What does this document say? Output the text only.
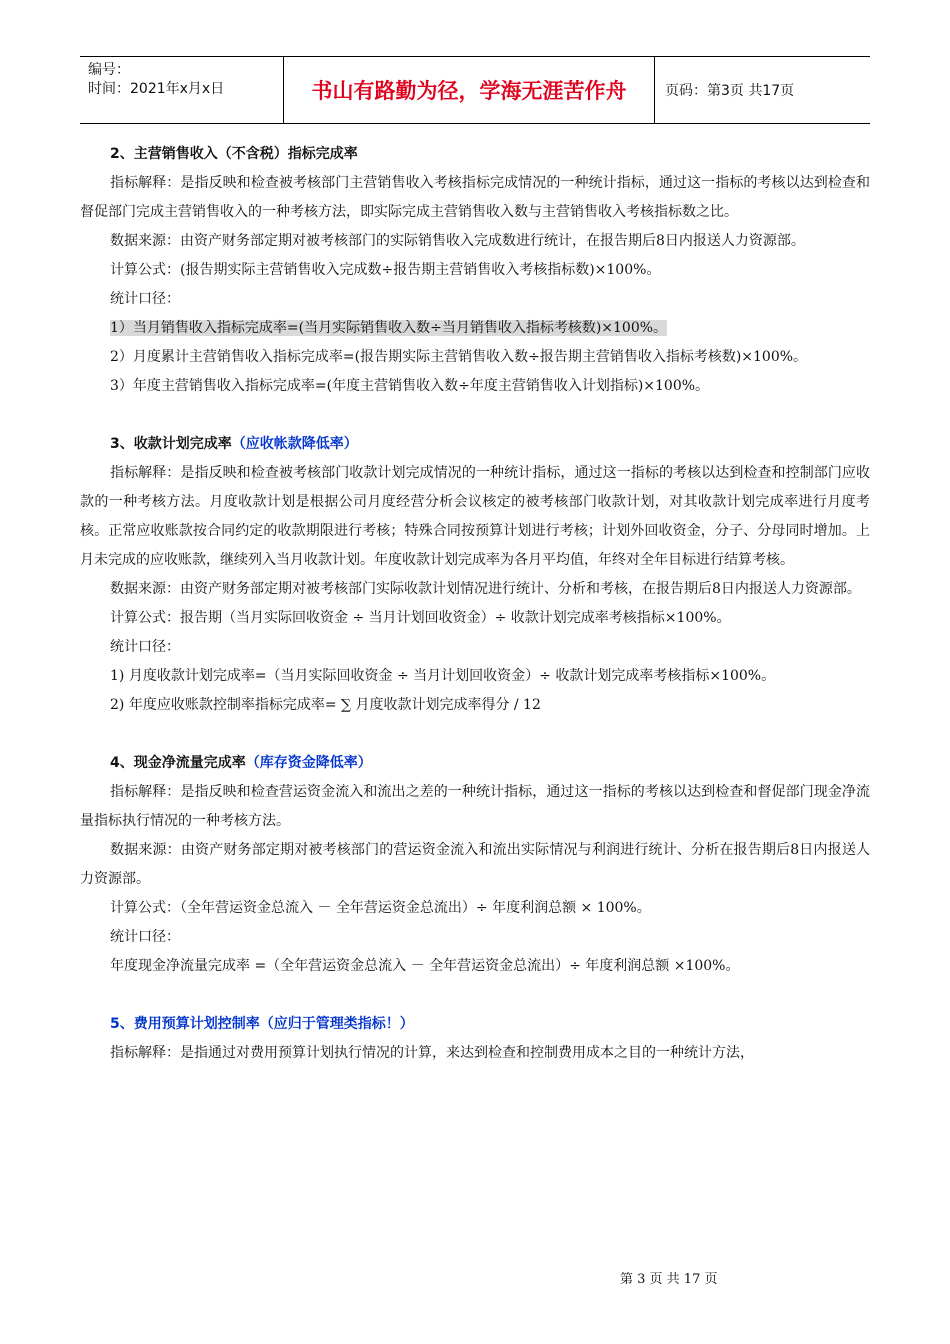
编号：
时间：2021年x月x日	书山有路勤为径，学海无涯苦作舟	页码：第3页 共17页

2、主营销售收入（不含税）指标完成率

指标解释：是指反映和检查被考核部门主营销售收入考核指标完成情况的一种统计指标，通过这一指标的考核以达到检查和督促部门完成主营销售收入的一种考核方法，即实际完成主营销售收入数与主营销售收入考核指标数之比。

数据来源：由资产财务部定期对被考核部门的实际销售收入完成数进行统计，在报告期后8日内报送人力资源部。

计算公式：(报告期实际主营销售收入完成数÷报告期主营销售收入考核指标数)×100%。

统计口径：

1）当月销售收入指标完成率=(当月实际销售收入数÷当月销售收入指标考核数)×100%。

2）月度累计主营销售收入指标完成率=(报告期实际主营销售收入数÷报告期主营销售收入指标考核数)×100%。

3）年度主营销售收入指标完成率=(年度主营销售收入数÷年度主营销售收入计划指标)×100%。

3、收款计划完成率（应收帐款降低率）

指标解释：是指反映和检查被考核部门收款计划完成情况的一种统计指标，通过这一指标的考核以达到检查和控制部门应收款的一种考核方法。月度收款计划是根据公司月度经营分析会议核定的被考核部门收款计划，对其收款计划完成率进行月度考核。正常应收账款按合同约定的收款期限进行考核；特殊合同按预算计划进行考核；计划外回收资金，分子、分母同时增加。上月未完成的应收账款，继续列入当月收款计划。年度收款计划完成率为各月平均值，年终对全年目标进行结算考核。

数据来源：由资产财务部定期对被考核部门实际收款计划情况进行统计、分析和考核，在报告期后8日内报送人力资源部。

计算公式：报告期（当月实际回收资金 ÷ 当月计划回收资金）÷ 收款计划完成率考核指标×100%。

统计口径：

1) 月度收款计划完成率=（当月实际回收资金 ÷ 当月计划回收资金）÷ 收款计划完成率考核指标×100%。

2) 年度应收账款控制率指标完成率= ∑ 月度收款计划完成率得分 / 12

4、现金净流量完成率（库存资金降低率）

指标解释：是指反映和检查营运资金流入和流出之差的一种统计指标，通过这一指标的考核以达到检查和督促部门现金净流量指标执行情况的一种考核方法。

数据来源：由资产财务部定期对被考核部门的营运资金流入和流出实际情况与利润进行统计、分析在报告期后8日内报送人力资源部。

计算公式：（全年营运资金总流入 － 全年营运资金总流出）÷ 年度利润总额 × 100%。

统计口径：

年度现金净流量完成率 =（全年营运资金总流入 － 全年营运资金总流出）÷ 年度利润总额 ×100%。

5、费用预算计划控制率（应归于管理类指标！）

指标解释：是指通过对费用预算计划执行情况的计算，来达到检查和控制费用成本之目的一种统计方法，

第 3 页 共 17 页
